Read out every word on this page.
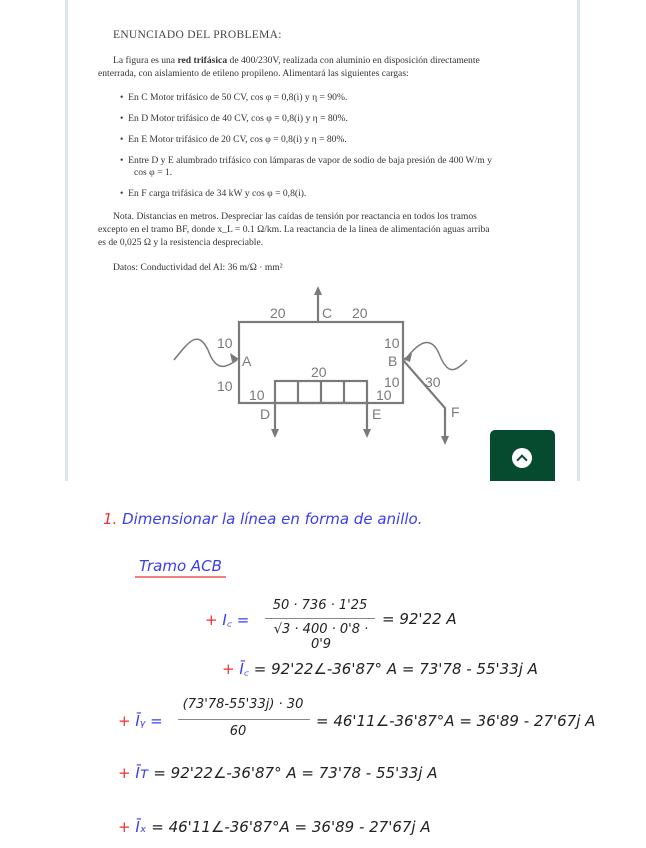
ENUNCIADO DEL PROBLEMA:
La figura es una red trifásica de 400/230V, realizada con aluminio en disposición directamente
enterrada, con aislamiento de etileno propileno. Alimentará las siguientes cargas:
•  En C Motor trifásico de 50 CV, cos φ = 0,8(i) y η = 90%.
•  En D Motor trifásico de 40 CV, cos φ = 0,8(i) y η = 80%.
•  En E Motor trifásico de 20 CV, cos φ = 0,8(i) y η = 80%.
•  Entre D y E alumbrado trifásico con lámparas de vapor de sodio de baja presión de 400 W/m y
cos φ = 1.
•  En F carga trifásica de 34 kW y cos φ = 0,8(i).
Nota. Distancias en metros. Despreciar las caídas de tensión por reactancia en todos los tramos
excepto en el tramo BF, donde x_L = 0.1 Ω/km. La reactancia de la línea de alimentación aguas arriba
es de 0,025 Ω y la resistencia despreciable.
Datos: Conductividad del Al: 36 m/Ω · mm²
20	C 20
10
A
10
10
B
10
20
30
10	10
D	E	F
1. Dimensionar la línea en forma de anillo.
Tramo ACB
+ I꜀ =
50 · 736 · 1'25
√3 · 400 · 0'8 · 0'9
= 92'22 A
+ Ī꜀ = 92'22∠-36'87° A = 73'78 - 55'33j A
+ Īᵧ =
(73'78-55'33j) · 30
60
= 46'11∠-36'87°A = 36'89 - 27'67j A
+ Īᴛ = 92'22∠-36'87° A = 73'78 - 55'33j A
+ Īₓ = 46'11∠-36'87°A = 36'89 - 27'67j A
